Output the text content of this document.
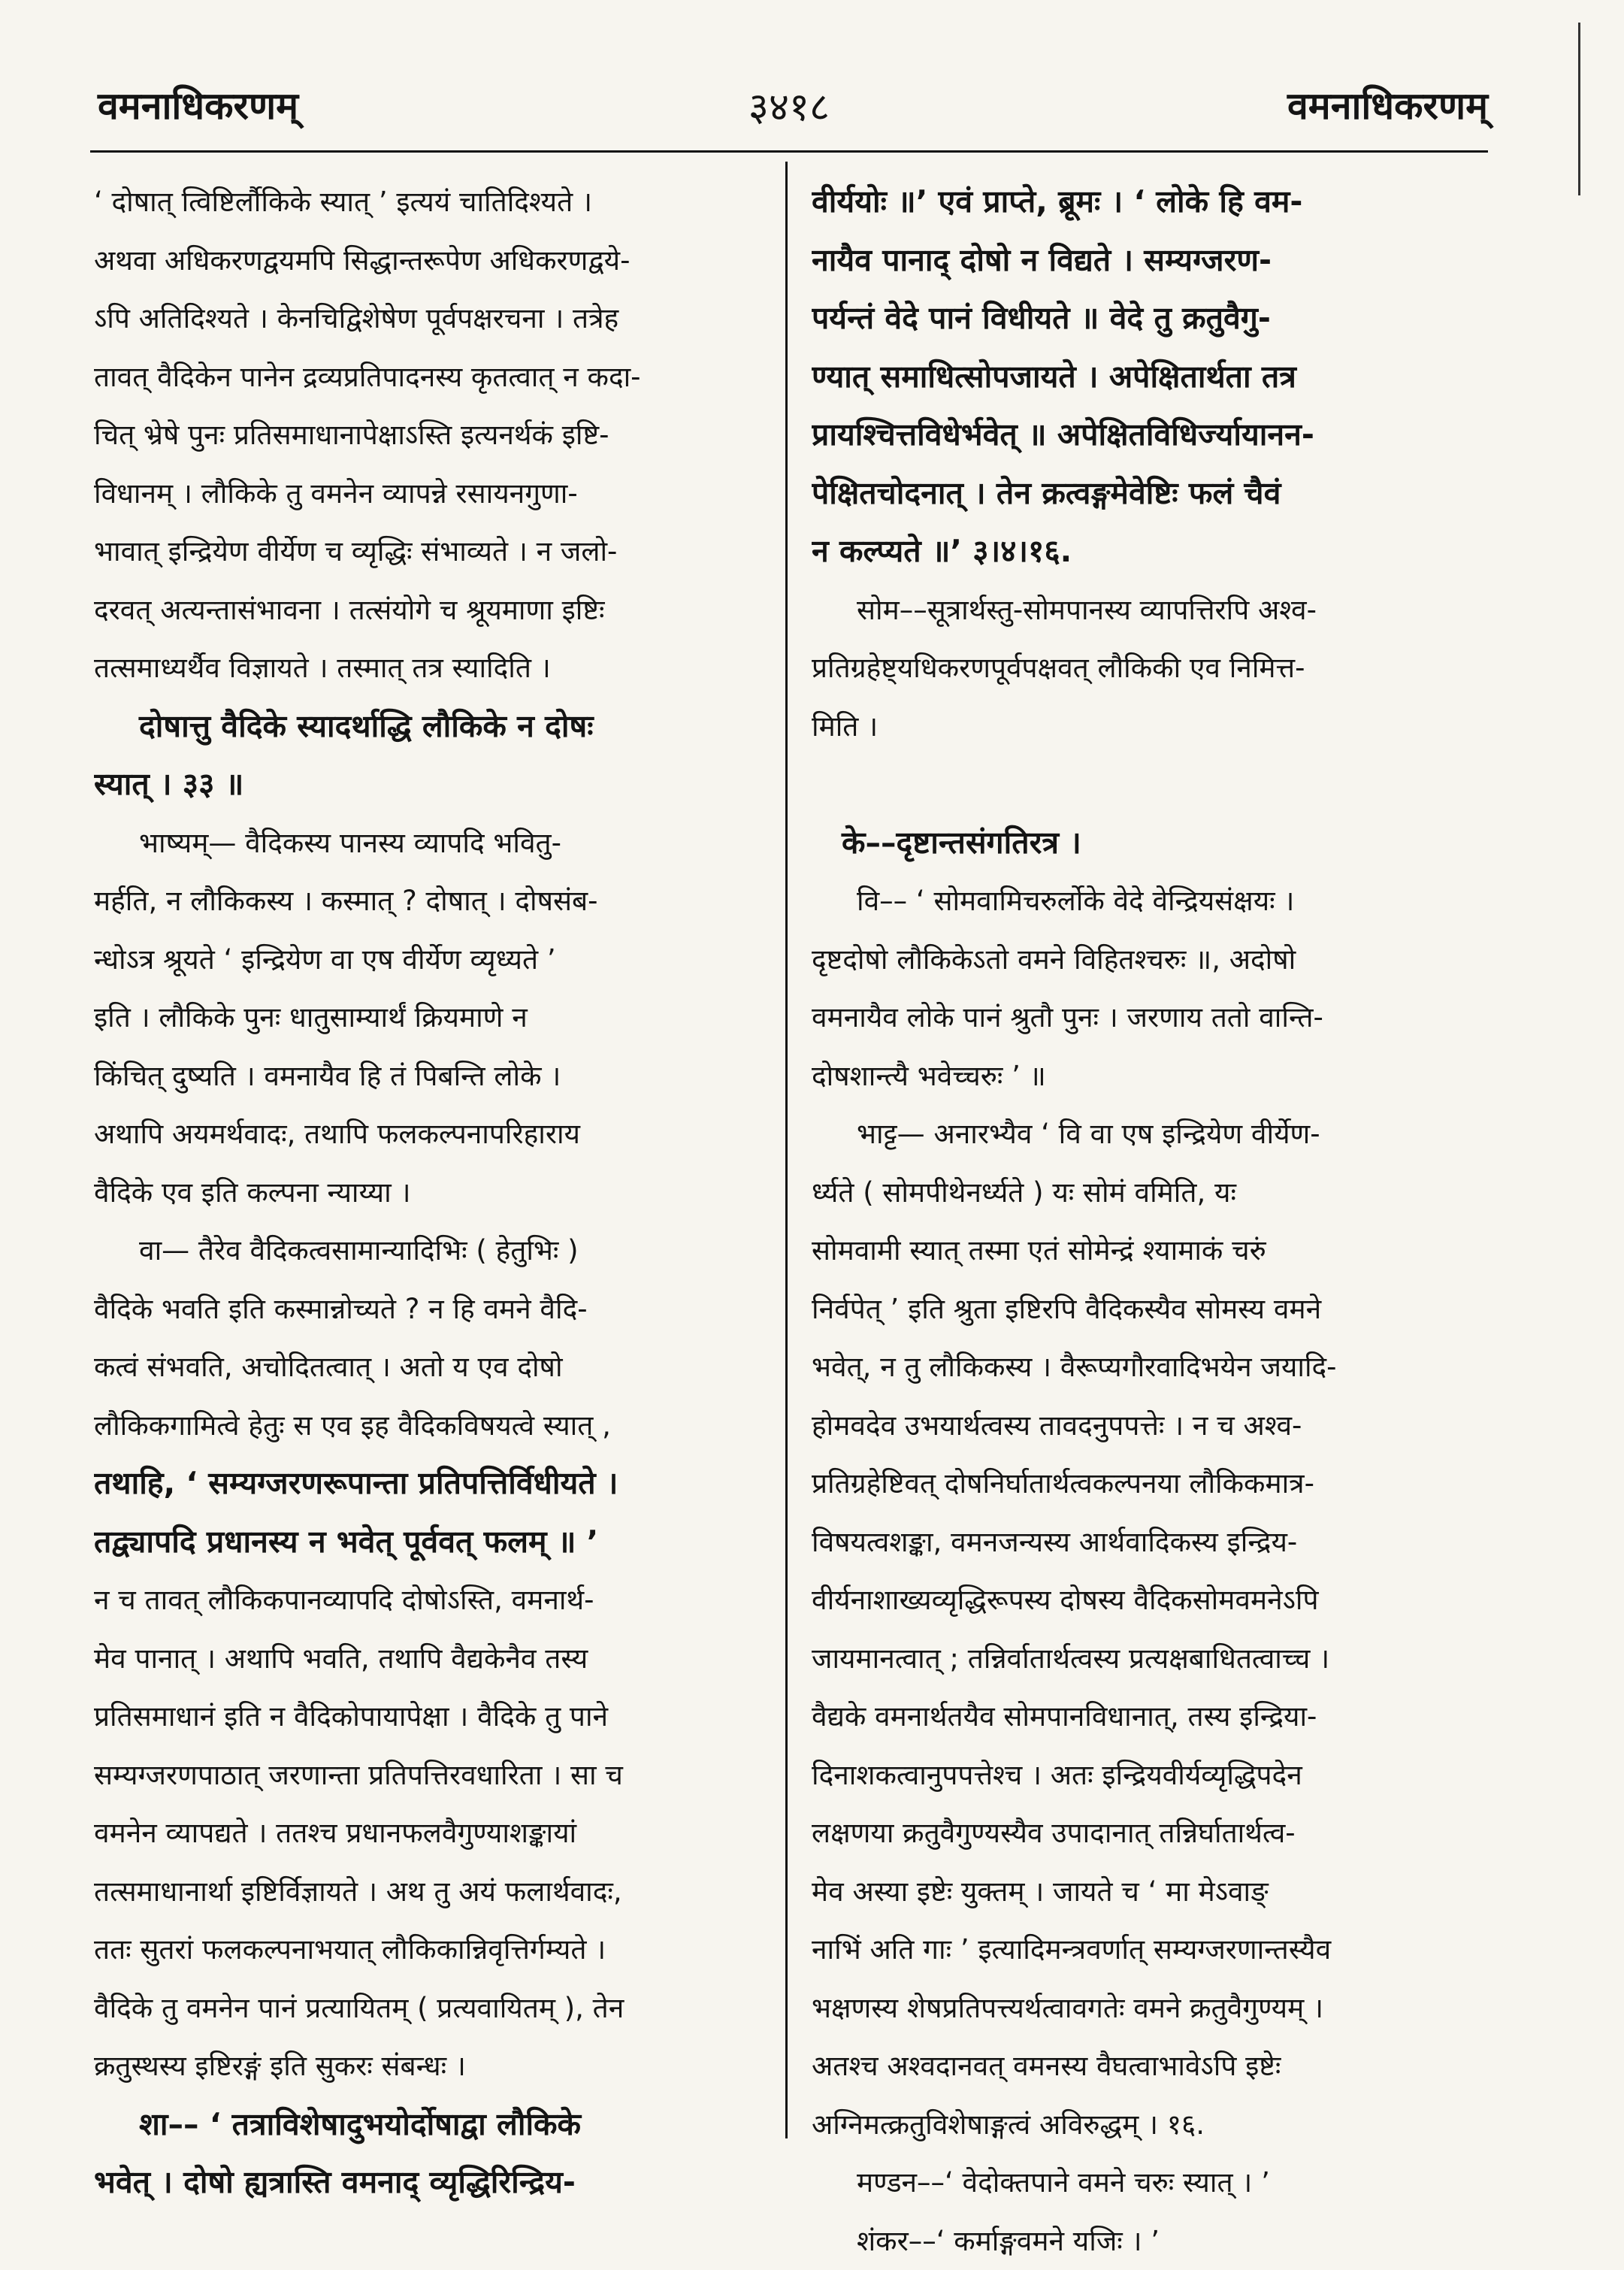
३४१८
वमनाधिकरणम्	वमनाधिकरणम्
‘ दोषात् त्विष्टिर्लौकिके स्यात् ’ इत्ययं चातिदिश्यते ।
अथवा अधिकरणद्वयमपि सिद्धान्तरूपेण अधिकरणद्वये-
ऽपि अतिदिश्यते । केनचिद्विशेषेण पूर्वपक्षरचना । तत्रेह
तावत् वैदिकेन पानेन द्रव्यप्रतिपादनस्य कृतत्वात् न कदा-
चित् भ्रेषे पुनः प्रतिसमाधानापेक्षाऽस्ति इत्यनर्थकं इष्टि-
विधानम् । लौकिके तु वमनेन व्यापन्ने रसायनगुणा-
भावात् इन्द्रियेण वीर्येण च व्यृद्धिः संभाव्यते । न जलो-
दरवत् अत्यन्तासंभावना । तत्संयोगे च श्रूयमाणा इष्टिः
तत्समाध्यर्थैव विज्ञायते । तस्मात् तत्र स्यादिति ।
दोषात्तु वैदिके स्यादर्थाद्धि लौकिके न दोषः
स्यात् । ३३ ॥
भाष्यम्— वैदिकस्य पानस्य व्यापदि भवितु-
मर्हति, न लौकिकस्य । कस्मात् ? दोषात् । दोषसंब-
न्धोऽत्र श्रूयते ‘ इन्द्रियेण वा एष वीर्येण व्यृध्यते ’
इति । लौकिके पुनः धातुसाम्यार्थं क्रियमाणे न
किंचित् दुष्यति । वमनायैव हि तं पिबन्ति लोके ।
अथापि अयमर्थवादः, तथापि फलकल्पनापरिहाराय
वैदिके एव इति कल्पना न्याय्या ।
वा— तैरेव वैदिकत्वसामान्यादिभिः ( हेतुभिः )
वैदिके भवति इति कस्मान्नोच्यते ? न हि वमने वैदि-
कत्वं संभवति, अचोदितत्वात् । अतो य एव दोषो
लौकिकगामित्वे हेतुः स एव इह वैदिकविषयत्वे स्यात् ,
तथाहि, ‘ सम्यग्जरणरूपान्ता प्रतिपत्तिर्विधीयते ।
तद्व्यापदि प्रधानस्य न भवेत् पूर्ववत् फलम् ॥ ’
न च तावत् लौकिकपानव्यापदि दोषोऽस्ति, वमनार्थ-
मेव पानात् । अथापि भवति, तथापि वैद्यकेनैव तस्य
प्रतिसमाधानं इति न वैदिकोपायापेक्षा । वैदिके तु पाने
सम्यग्जरणपाठात् जरणान्ता प्रतिपत्तिरवधारिता । सा च
वमनेन व्यापद्यते । ततश्च प्रधानफलवैगुण्याशङ्कायां
तत्समाधानार्था इष्टिर्विज्ञायते । अथ तु अयं फलार्थवादः,
ततः सुतरां फलकल्पनाभयात् लौकिकान्निवृत्तिर्गम्यते ।
वैदिके तु वमनेन पानं प्रत्यायितम् ( प्रत्यवायितम् ), तेन
क्रतुस्थस्य इष्टिरङ्गं इति सुकरः संबन्धः ।
शा–– ‘ तत्राविशेषादुभयोर्दोषाद्वा लौकिके
भवेत् । दोषो ह्यत्रास्ति वमनाद् व्यृद्धिरिन्द्रिय-
वीर्ययोः ॥’ एवं प्राप्ते, ब्रूमः । ‘ लोके हि वम-
नायैव पानाद् दोषो न विद्यते । सम्यग्जरण-
पर्यन्तं वेदे पानं विधीयते ॥ वेदे तु क्रतुवैगु-
ण्यात् समाधित्सोपजायते । अपेक्षितार्थता तत्र
प्रायश्चित्तविधेर्भवेत् ॥ अपेक्षितविधिर्ज्यायानन-
पेक्षितचोदनात् । तेन क्रत्वङ्गमेवेष्टिः फलं चैवं
न कल्प्यते ॥’ ३।४।१६.
सोम––सूत्रार्थस्तु-सोमपानस्य व्यापत्तिरपि अश्व-
प्रतिग्रहेष्ट्यधिकरणपूर्वपक्षवत् लौकिकी एव निमित्त-
मिति ।

के––दृष्टान्तसंगतिरत्र ।
वि–– ‘ सोमवामिचरुर्लोके वेदे वेन्द्रियसंक्षयः ।
दृष्टदोषो लौकिकेऽतो वमने विहितश्चरुः ॥, अदोषो
वमनायैव लोके पानं श्रुतौ पुनः । जरणाय ततो वान्ति-
दोषशान्त्यै भवेच्चरुः ’ ॥
भाट्ट— अनारभ्यैव ‘ वि वा एष इन्द्रियेण वीर्येण-
र्ध्यते ( सोमपीथेनर्ध्यते ) यः सोमं वमिति, यः
सोमवामी स्यात् तस्मा एतं सोमेन्द्रं श्यामाकं चरुं
निर्वपेत् ’ इति श्रुता इष्टिरपि वैदिकस्यैव सोमस्य वमने
भवेत्, न तु लौकिकस्य । वैरूप्यगौरवादिभयेन जयादि-
होमवदेव उभयार्थत्वस्य तावदनुपपत्तेः । न च अश्व-
प्रतिग्रहेष्टिवत् दोषनिर्घातार्थत्वकल्पनया लौकिकमात्र-
विषयत्वशङ्का, वमनजन्यस्य आर्थवादिकस्य इन्द्रिय-
वीर्यनाशाख्यव्यृद्धिरूपस्य दोषस्य वैदिकसोमवमनेऽपि
जायमानत्वात् ; तन्निर्वातार्थत्वस्य प्रत्यक्षबाधितत्वाच्च ।
वैद्यके वमनार्थतयैव सोमपानविधानात्, तस्य इन्द्रिया-
दिनाशकत्वानुपपत्तेश्च । अतः इन्द्रियवीर्यव्यृद्धिपदेन
लक्षणया क्रतुवैगुण्यस्यैव उपादानात् तन्निर्घातार्थत्व-
मेव अस्या इष्टेः युक्तम् । जायते च ‘ मा मेऽवाङ्
नाभिं अति गाः ’ इत्यादिमन्त्रवर्णात् सम्यग्जरणान्तस्यैव
भक्षणस्य शेषप्रतिपत्त्यर्थत्वावगतेः वमने क्रतुवैगुण्यम् ।
अतश्च अश्वदानवत् वमनस्य वैघत्वाभावेऽपि इष्टेः
अग्निमत्क्रतुविशेषाङ्गत्वं अविरुद्धम् । १६.
मण्डन––‘ वेदोक्तपाने वमने चरुः स्यात् । ’
शंकर––‘ कर्माङ्गवमने यजिः । ’
